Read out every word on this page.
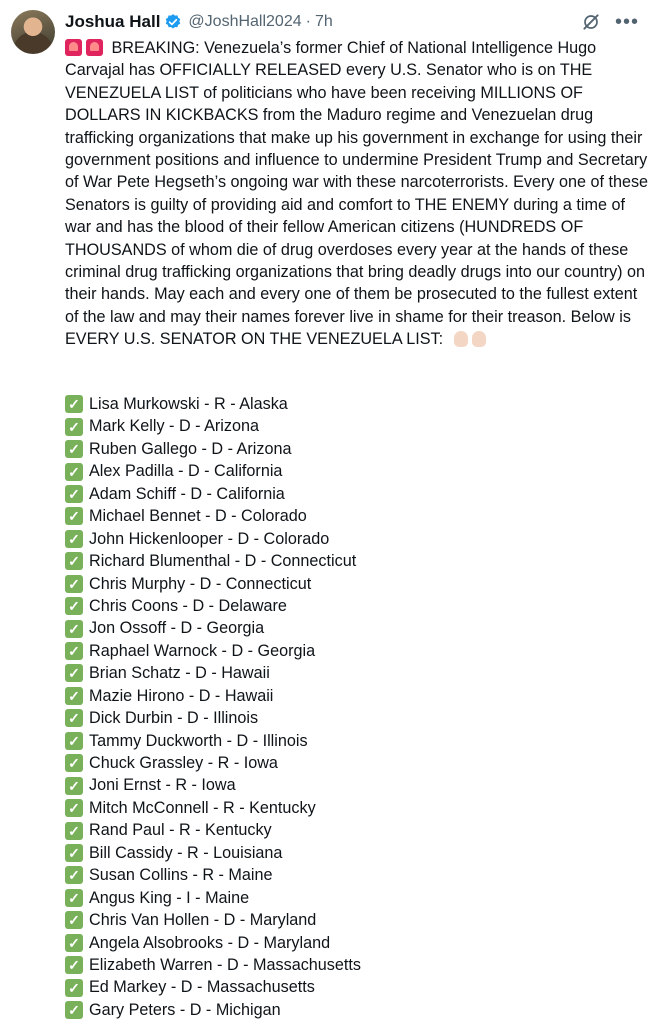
Joshua Hall @JoshHall2024 · 7h	•••
BREAKING: Venezuela’s former Chief of National Intelligence Hugo Carvajal has OFFICIALLY RELEASED every U.S. Senator who is on THE VENEZUELA LIST of politicians who have been receiving MILLIONS OF DOLLARS IN KICKBACKS from the Maduro regime and Venezuelan drug trafficking organizations that make up his government in exchange for using their government positions and influence to undermine President Trump and Secretary of War Pete Hegseth’s ongoing war with these narcoterrorists. Every one of these Senators is guilty of providing aid and comfort to THE ENEMY during a time of war and has the blood of their fellow American citizens (HUNDREDS OF THOUSANDS of whom die of drug overdoses every year at the hands of these criminal drug trafficking organizations that bring deadly drugs into our country) on their hands. May each and every one of them be prosecuted to the fullest extent of the law and may their names forever live in shame for their treason. Below is EVERY U.S. SENATOR ON THE VENEZUELA LIST:
✓ Lisa Murkowski - R - Alaska
✓ Mark Kelly - D - Arizona
✓ Ruben Gallego - D - Arizona
✓ Alex Padilla - D - California
✓ Adam Schiff - D - California
✓ Michael Bennet - D - Colorado
✓ John Hickenlooper - D - Colorado
✓ Richard Blumenthal - D - Connecticut
✓ Chris Murphy - D - Connecticut
✓ Chris Coons - D - Delaware
✓ Jon Ossoff - D - Georgia
✓ Raphael Warnock - D - Georgia
✓ Brian Schatz - D - Hawaii
✓ Mazie Hirono - D - Hawaii
✓ Dick Durbin - D - Illinois
✓ Tammy Duckworth - D - Illinois
✓ Chuck Grassley - R - Iowa
✓ Joni Ernst - R - Iowa
✓ Mitch McConnell - R - Kentucky
✓ Rand Paul - R - Kentucky
✓ Bill Cassidy - R - Louisiana
✓ Susan Collins - R - Maine
✓ Angus King - I - Maine
✓ Chris Van Hollen - D - Maryland
✓ Angela Alsobrooks - D - Maryland
✓ Elizabeth Warren - D - Massachusetts
✓ Ed Markey - D - Massachusetts
✓ Gary Peters - D - Michigan
